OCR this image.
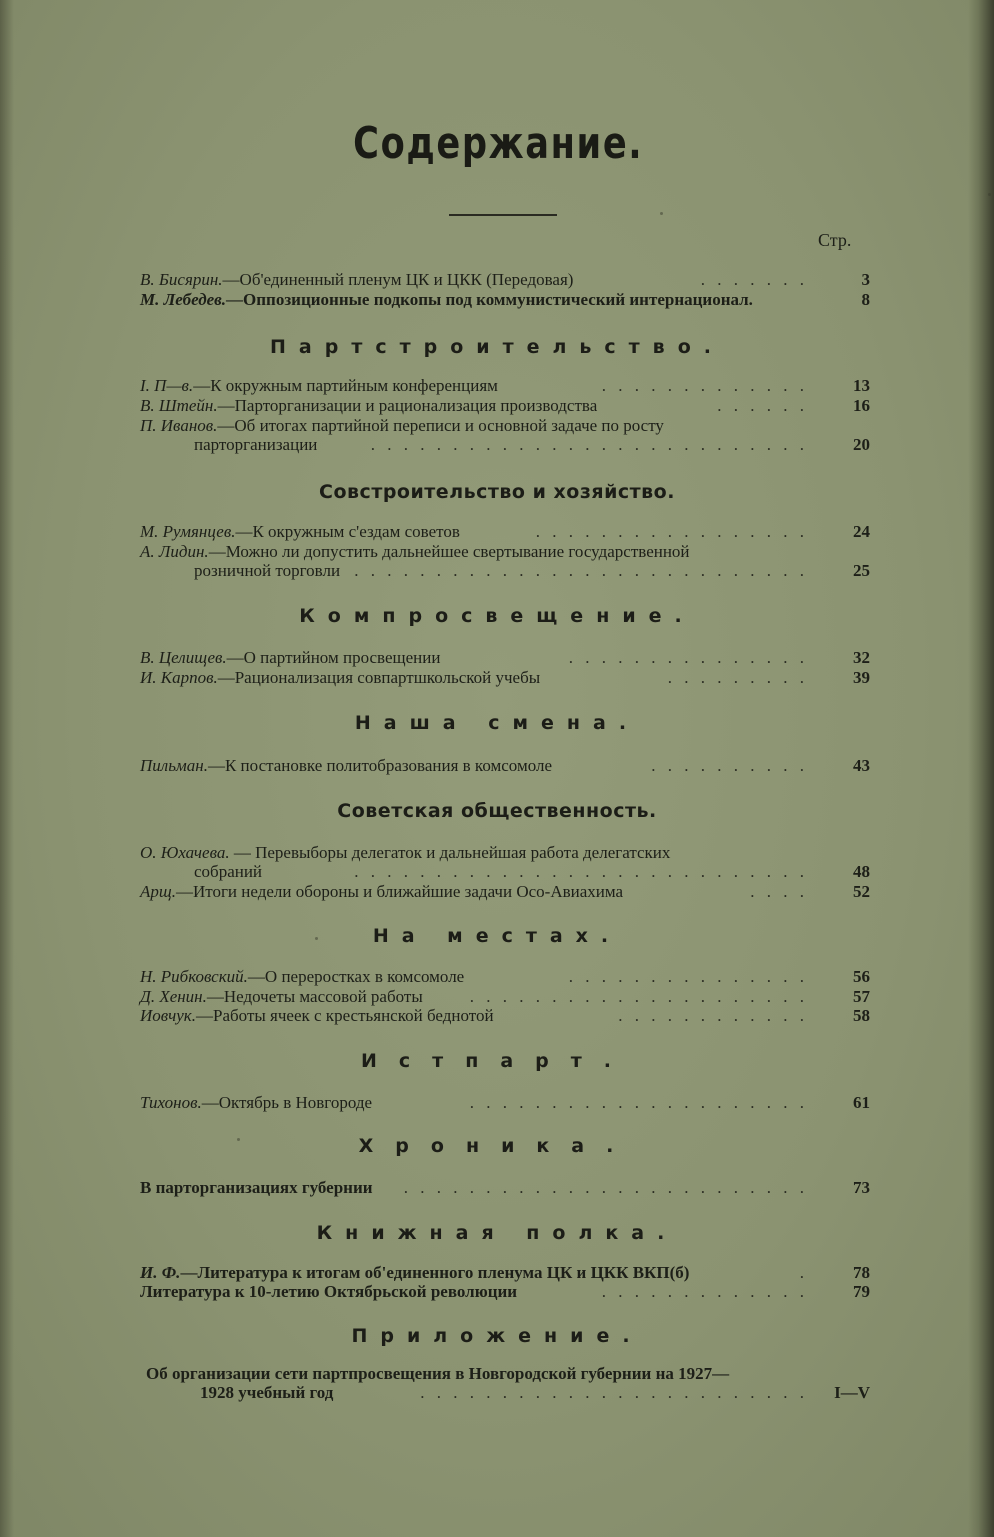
Содержание.
Стр.
В. Бисярин.—Об'единенный пленум ЦК и ЦКК (Передовая)	. . . . . . .	3
М. Лебедев.—Оппозиционные подкопы под коммунистический интернационал.	8
Партстроительство.
I. П—в.—К окружным партийным конференциям	. . . . . . . . . . . . .	13
В. Штейн.—Парторганизации и рационализация производства	. . . . . .	16
П. Иванов.—Об итогах партийной переписи и основной задаче по росту
парторганизации	. . . . . . . . . . . . . . . . . . . . . . . . . . .	20
Совстроительство и хозяйство.
М. Румянцев.—К окружным с'ездам советов	. . . . . . . . . . . . . . . . .	24
А. Лидин.—Можно ли допустить дальнейшее свертывание государственной
розничной торговли . . . . . . . . . . . . . . . . . . . . . . . . . . . .	25
Компросвещение.
В. Целищев.—О партийном просвещении	. . . . . . . . . . . . . . .	32
И. Карпов.—Рационализация совпартшкольской учебы	. . . . . . . . .	39
Наша смена.
Пильман.—К постановке политобразования в комсомоле	. . . . . . . . . .	43
Советская общественность.
О. Юхачева. — Перевыборы делегаток и дальнейшая работа делегатских
собраний	. . . . . . . . . . . . . . . . . . . . . . . . . . . .	48
Арщ.—Итоги недели обороны и ближайшие задачи Осо-Авиахима	. . . .	52
На местах.
Н. Рибковский.—О переростках в комсомоле	. . . . . . . . . . . . . . .	56
Д. Хенин.—Недочеты массовой работы	. . . . . . . . . . . . . . . . . . . . .	57
Иовчук.—Работы ячеек с крестьянской беднотой	. . . . . . . . . . . .	58
Истпарт.
Тихонов.—Октябрь в Новгороде	. . . . . . . . . . . . . . . . . . . . .	61
Хроника.
В парторганизациях губернии . . . . . . . . . . . . . . . . . . . . . . . . .	73
Книжная полка.
И. Ф.—Литература к итогам об'единенного пленума ЦК и ЦКК ВКП(б)	.	78
Литература к 10-летию Октябрьской революции	. . . . . . . . . . . . .	79
Приложение.
Об организации сети партпросвещения в Новгородской губернии на 1927—
1928 учебный год	. . . . . . . . . . . . . . . . . . . . . . . . I—V
